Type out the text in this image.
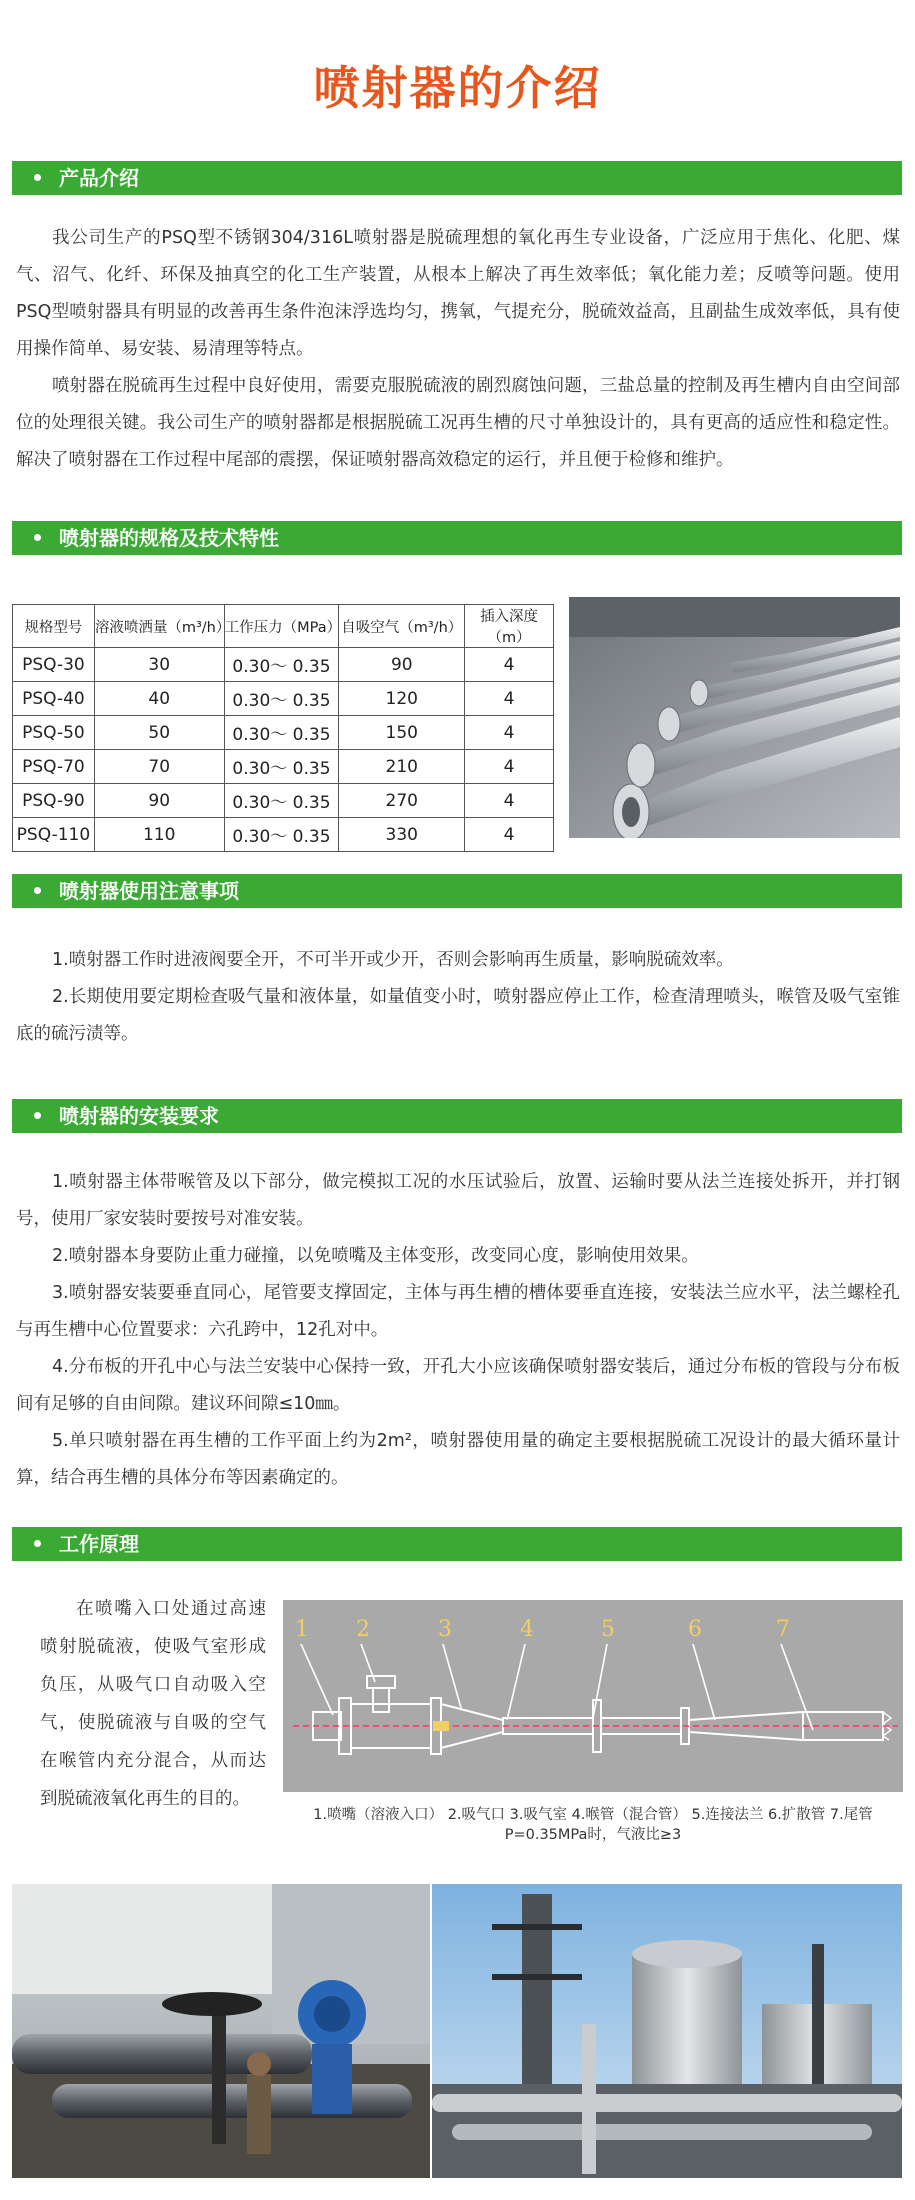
喷射器的介绍
产品介绍

我公司生产的PSQ型不锈钢304/316L喷射器是脱硫理想的氧化再生专业设备，广泛应用于焦化、化肥、煤气、沼气、化纤、环保及抽真空的化工生产装置，从根本上解决了再生效率低；氧化能力差；反喷等问题。使用PSQ型喷射器具有明显的改善再生条件泡沫浮选均匀，携氧，气提充分，脱硫效益高，且副盐生成效率低，具有使用操作简单、易安装、易清理等特点。

喷射器在脱硫再生过程中良好使用，需要克服脱硫液的剧烈腐蚀问题，三盐总量的控制及再生槽内自由空间部位的处理很关键。我公司生产的喷射器都是根据脱硫工况再生槽的尺寸单独设计的，具有更高的适应性和稳定性。解决了喷射器在工作过程中尾部的震摆，保证喷射器高效稳定的运行，并且便于检修和维护。

喷射器的规格及技术特性
规格型号	溶液喷洒量（m³/h）	工作压力（MPa）	自吸空气（m³/h）	插入深度（m）
PSQ-30	30	0.30～ 0.35	90	4
PSQ-40	40	0.30～ 0.35	120	4
PSQ-50	50	0.30～ 0.35	150	4
PSQ-70	70	0.30～ 0.35	210	4
PSQ-90	90	0.30～ 0.35	270	4
PSQ-110	110	0.30～ 0.35	330	4
喷射器使用注意事项

1.喷射器工作时进液阀要全开，不可半开或少开，否则会影响再生质量，影响脱硫效率。

2.长期使用要定期检查吸气量和液体量，如量值变小时，喷射器应停止工作，检查清理喷头，喉管及吸气室锥底的硫污渍等。

喷射器的安装要求

1.喷射器主体带喉管及以下部分，做完模拟工况的水压试验后，放置、运输时要从法兰连接处拆开，并打钢号，使用厂家安装时要按号对准安装。

2.喷射器本身要防止重力碰撞，以免喷嘴及主体变形，改变同心度，影响使用效果。

3.喷射器安装要垂直同心，尾管要支撑固定，主体与再生槽的槽体要垂直连接，安装法兰应水平，法兰螺栓孔与再生槽中心位置要求：六孔跨中，12孔对中。

4.分布板的开孔中心与法兰安装中心保持一致，开孔大小应该确保喷射器安装后，通过分布板的管段与分布板间有足够的自由间隙。建议环间隙≤10㎜。

5.单只喷射器在再生槽的工作平面上约为2m²，喷射器使用量的确定主要根据脱硫工况设计的最大循环量计算，结合再生槽的具体分布等因素确定的。

工作原理

在喷嘴入口处通过高速喷射脱硫液，使吸气室形成负压，从吸气口自动吸入空气，使脱硫液与自吸的空气在喉管内充分混合，从而达到脱硫液氧化再生的目的。

1 2	3	4	5	6	7
1.喷嘴（溶液入口） 2.吸气口 3.吸气室 4.喉管（混合管） 5.连接法兰 6.扩散管 7.尾管
P=0.35MPa时，气液比≥3
